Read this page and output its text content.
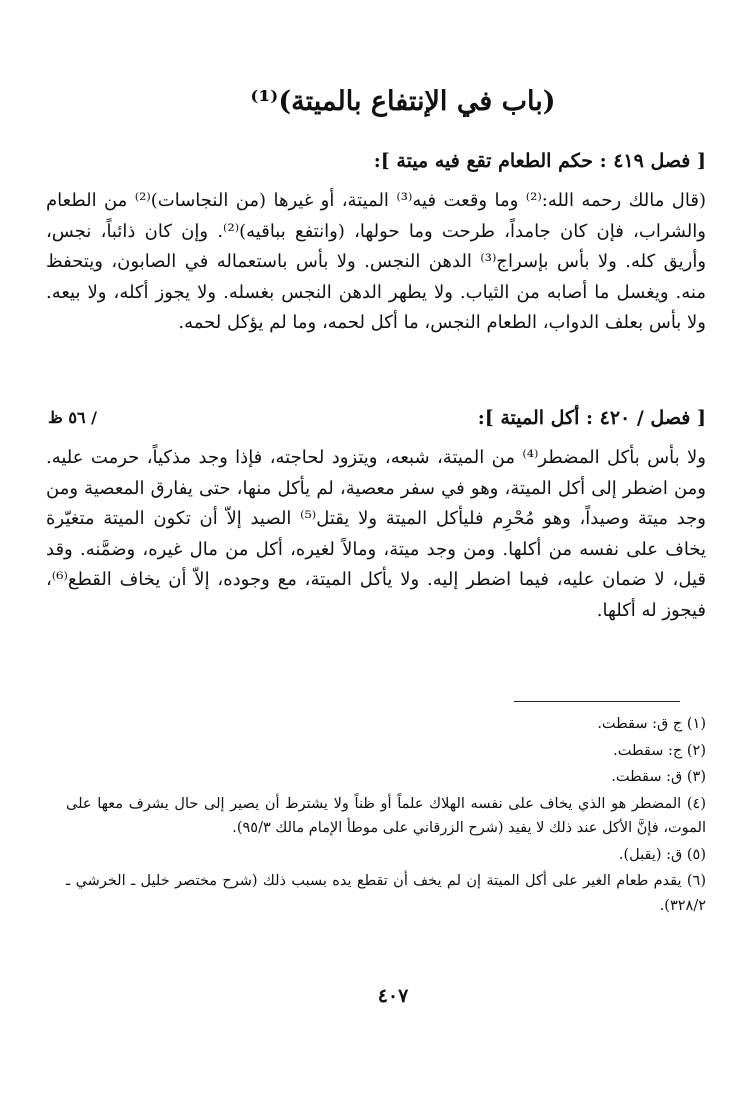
(باب في الإنتفاع بالميتة)⁽¹⁾
[ فصل ٤١٩ : حكم الطعام تقع فيه ميتة ]:
(قال مالك رحمه الله:⁽²⁾ وما وقعت فيه⁽³⁾ الميتة، أو غيرها (من النجاسات)⁽²⁾ من الطعام والشراب، فإن كان جامداً، طرحت وما حولها، (وانتفع بباقيه)⁽²⁾. وإن كان ذائباً، نجس، وأريق كله. ولا بأس بإسراج⁽³⁾ الدهن النجس. ولا بأس باستعماله في الصابون، ويتحفظ منه. ويغسل ما أصابه من الثياب. ولا يطهر الدهن النجس بغسله. ولا يجوز أكله، ولا بيعه. ولا بأس بعلف الدواب، الطعام النجس، ما أكل لحمه، وما لم يؤكل لحمه.
/ ٥٦ ظ	[ فصل / ٤٢٠ : أكل الميتة ]:
ولا بأس بأكل المضطر⁽⁴⁾ من الميتة، شبعه، ويتزود لحاجته، فإذا وجد مذكياً، حرمت عليه. ومن اضطر إلى أكل الميتة، وهو في سفر معصية، لم يأكل منها، حتى يفارق المعصية ومن وجد ميتة وصيداً، وهو مُحْرِم فليأكل الميتة ولا يقتل⁽⁵⁾ الصيد إلاّ أن تكون الميتة متغيّرة يخاف على نفسه من أكلها. ومن وجد ميتة، ومالاً لغيره، أكل من مال غيره، وضمَّنه. وقد قيل، لا ضمان عليه، فيما اضطر إليه. ولا يأكل الميتة، مع وجوده، إلاّ أن يخاف القطع⁽⁶⁾، فيجوز له أكلها.
(١) ج ق: سقطت.
(٢) ج: سقطت.
(٣) ق: سقطت.
(٤) المضطر هو الذي يخاف على نفسه الهلاك علماً أو ظناً ولا يشترط أن يصير إلى حال يشرف معها على الموت، فإنَّ الأكل عند ذلك لا يفيد (شرح الزرقاني على موطأ الإمام مالك ٩٥/٣).
(٥) ق: (يقبل).
(٦) يقدم طعام الغير على أكل الميتة إن لم يخف أن تقطع يده بسبب ذلك (شرح مختصر خليل ـ الخرشي ـ ٣٢٨/٢).
٤٠٧
